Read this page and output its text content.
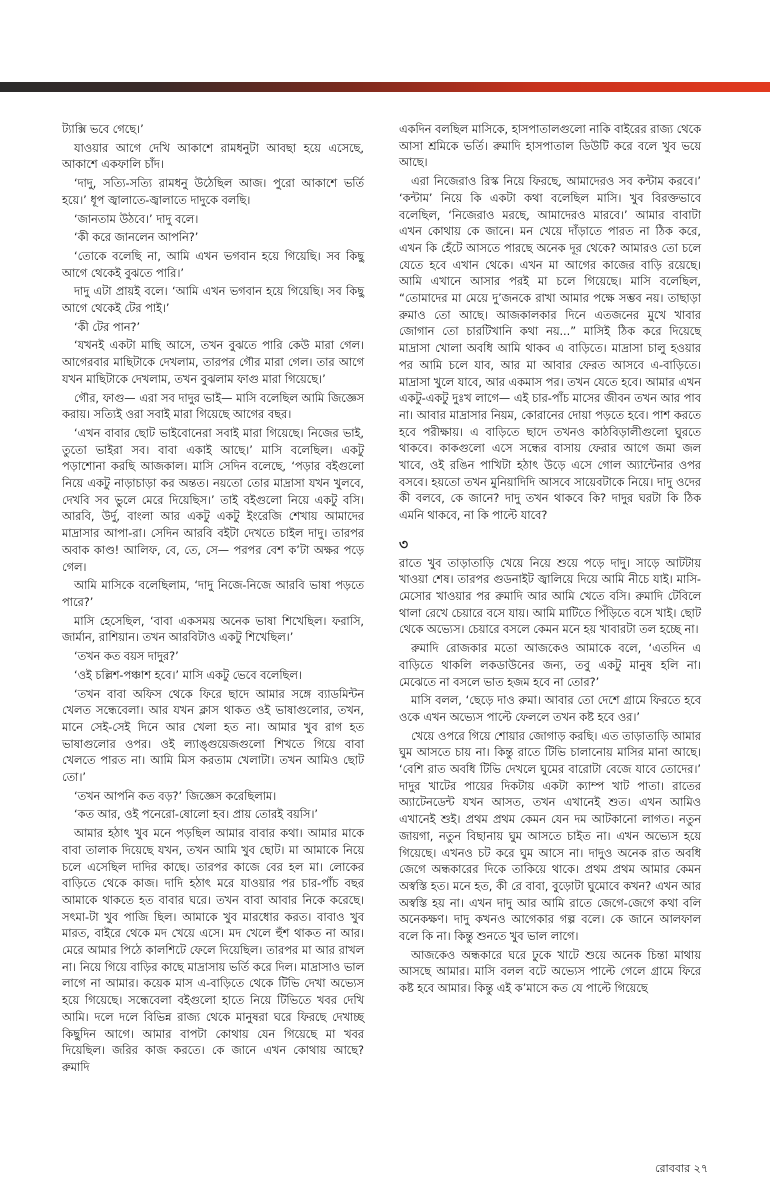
ট্যাক্সি ভবে গেছে।’

যাওয়ার আগে দেখি আকাশে রামধনুটা আবছা হয়ে এসেছে, আকাশে একফালি চাঁদ।

‘দাদু, সত্যি-সত্যি রামধনু উঠেছিল আজ। পুরো আকাশে ভর্তি হয়ে।’ ধূপ জ্বালাতে-জ্বালাতে দাদুকে বলছি।

‘জানতাম উঠবে।’ দাদু বলে।

‘কী করে জানলেন আপনি?’

‘তোকে বলেছি না, আমি এখন ভগবান হয়ে গিয়েছি। সব কিছু আগে থেকেই বুঝতে পারি।’

দাদু এটা প্রায়ই বলে। ‘আমি এখন ভগবান হয়ে গিয়েছি। সব কিছু আগে থেকেই টের পাই।’

‘কী টের পান?’

‘যখনই একটা মাছি আসে, তখন বুঝতে পারি কেউ মারা গেল। আগেরবার মাছিটাকে দেখলাম, তারপর গৌর মারা গেল। তার আগে যখন মাছিটাকে দেখলাম, তখন বুঝলাম ফাগু মারা গিয়েছে।’

গৌর, ফাগু— এরা সব দাদুর ভাই— মাসি বলেছিল আমি জিজ্ঞেস করায়। সত্যিই ওরা সবাই মারা গিয়েছে আগের বছর।

‘এখন বাবার ছোট ভাইবোনেরা সবাই মারা গিয়েছে। নিজের ভাই, তুতো ভাইরা সব। বাবা একাই আছে।’ মাসি বলেছিল। একটু পড়াশোনা করছি আজকাল। মাসি সেদিন বলেছে, ‘পড়ার বইগুলো নিয়ে একটু নাড়াচাড়া কর অন্তত। নয়তো তোর মাদ্রাসা যখন খুলবে, দেখবি সব ভুলে মেরে দিয়েছিস।’ তাই বইগুলো নিয়ে একটু বসি। আরবি, উর্দু, বাংলা আর একটু একটু ইংরেজি শেখায় আমাদের মাদ্রাসার আপা-রা। সেদিন আরবি বইটা দেখতে চাইল দাদু। তারপর অবাক কাণ্ড! আলিফ, বে, তে, সে— পরপর বেশ ক’টা অক্ষর পড়ে গেল।

আমি মাসিকে বলেছিলাম, ‘দাদু নিজে-নিজে আরবি ভাষা পড়তে পারে?’

মাসি হেসেছিল, ‘বাবা একসময় অনেক ভাষা শিখেছিল। ফরাসি, জার্মান, রাশিয়ান। তখন আরবিটাও একটু শিখেছিল।’

‘তখন কত বয়স দাদুর?’

‘ওই চল্লিশ-পঞ্চাশ হবে।’ মাসি একটু ভেবে বলেছিল।

‘তখন বাবা অফিস থেকে ফিরে ছাদে আমার সঙ্গে ব্যাডমিন্টন খেলত সন্ধেবেলা। আর যখন ক্লাস থাকত ওই ভাষাগুলোর, তখন, মানে সেই-সেই দিনে আর খেলা হত না। আমার খুব রাগ হত ভাষাগুলোর ওপর। ওই ল্যাঙ্গুয়েজগুলো শিখতে গিয়ে বাবা খেলতে পারত না। আমি মিস করতাম খেলাটা। তখন আমিও ছোট তো।’

‘তখন আপনি কত বড়?’ জিজ্ঞেস করেছিলাম।

‘কত আর, ওই পনেরো-ষোলো হব। প্রায় তোরই বয়সি।’

আমার হঠাৎ খুব মনে পড়ছিল আমার বাবার কথা। আমার মাকে বাবা তালাক দিয়েছে যখন, তখন আমি খুব ছোট। মা আমাকে নিয়ে চলে এসেছিল দাদির কাছে। তারপর কাজে বের হল মা। লোকের বাড়িতে থেকে কাজ। দাদি হঠাৎ মরে যাওয়ার পর চার-পাঁচ বছর আমাকে থাকতে হত বাবার ঘরে। তখন বাবা আবার নিকে করেছে। সৎমা-টা খুব পাজি ছিল। আমাকে খুব মারধোর করত। বাবাও খুব মারত, বাইরে থেকে মদ খেয়ে এসে। মদ খেলে হুঁশ থাকত না আর। মেরে আমার পিঠে কালশিটে ফেলে দিয়েছিল। তারপর মা আর রাখল না। নিয়ে গিয়ে বাড়ির কাছে মাদ্রাসায় ভর্তি করে দিল। মাদ্রাসাও ভাল লাগে না আমার। কয়েক মাস এ-বাড়িতে থেকে টিভি দেখা অভ্যেস হয়ে গিয়েছে। সন্ধেবেলা বইগুলো হাতে নিয়ে টিভিতে খবর দেখি আমি। দলে দলে বিভিন্ন রাজ্য থেকে মানুষরা ঘরে ফিরছে দেখাচ্ছ কিছুদিন আগে। আমার বাপটা কোথায় যেন গিয়েছে মা খবর দিয়েছিল। জরির কাজ করতে। কে জানে এখন কোথায় আছে? রুমাদি

একদিন বলছিল মাসিকে, হাসপাতালগুলো নাকি বাইরের রাজ্য থেকে আসা শ্রমিকে ভর্তি। রুমাদি হাসপাতাল ডিউটি করে বলে খুব ভয়ে আছে।

এরা নিজেরাও রিস্ক নিয়ে ফিরছে, আমাদেরও সব কন্টাম করবে।’ ‘কন্টাম’ নিয়ে কি একটা কথা বলেছিল মাসি। খুব বিরক্তভাবে বলেছিল, ‘নিজেরাও মরছে, আমাদেরও মারবে।’ আমার বাবাটা এখন কোথায় কে জানে। মন খেয়ে দাঁড়াতে পারত না ঠিক করে, এখন কি হেঁটে আসতে পারছে অনেক দূর থেকে? আমারও তো চলে যেতে হবে এখান থেকে। এখন মা আগের কাজের বাড়ি রয়েছে। আমি এখানে আসার পরই মা চলে গিয়েছে। মাসি বলেছিল, “তোমাদের মা মেয়ে দু’জনকে রাখা আমার পক্ষে সম্ভব নয়। তাছাড়া রুমাও তো আছে। আজকালকার দিনে এতজনের মুখে খাবার জোগান তো চারটিখানি কথা নয়...” মাসিই ঠিক করে দিয়েছে মাদ্রাসা খোলা অবধি আমি থাকব এ বাড়িতে। মাদ্রাসা চালু হওয়ার পর আমি চলে যাব, আর মা আবার ফেরত আসবে এ-বাড়িতে। মাদ্রাসা খুলে যাবে, আর একমাস পর। তখন যেতে হবে। আমার এখন একটু-একটু দুঃখ লাগে— এই চার-পাঁচ মাসের জীবন তখন আর পাব না। আবার মাদ্রাসার নিয়ম, কোরানের দোয়া পড়তে হবে। পাশ করতে হবে পরীক্ষায়। এ বাড়িতে ছাদে তখনও কাঠবিড়ালীগুলো ঘুরতে থাকবে। কাকগুলো এসে সন্ধের বাসায় ফেরার আগে জমা জল খাবে, ওই রঙিন পাখিটা হঠাৎ উড়ে এসে গোল অ্যান্টেনার ওপর বসবে। হয়তো তখন মুনিয়াদিদি আসবে সায়েবটাকে নিয়ে। দাদু ওদের কী বলবে, কে জানে? দাদু তখন থাকবে কি? দাদুর ঘরটা কি ঠিক এমনি থাকবে, না কি পাল্টে যাবে?

৩

রাতে খুব তাড়াতাড়ি খেয়ে নিয়ে শুয়ে পড়ে দাদু। সাড়ে আটটায় খাওয়া শেষ। তারপর গুডনাইট জ্বালিয়ে দিয়ে আমি নীচে যাই। মাসি-মেসোর খাওয়ার পর রুমাদি আর আমি খেতে বসি। রুমাদি টেবিলে থালা রেখে চেয়ারে বসে যায়। আমি মাটিতে পিঁড়িতে বসে খাই। ছোট থেকে অভ্যেস। চেয়ারে বসলে কেমন মনে হয় খাবারটা তল হচ্ছে না।

রুমাদি রোজকার মতো আজকেও আমাকে বলে, ‘এতদিন এ বাড়িতে থাকলি লকডাউনের জন্য, তবু একটু মানুষ হলি না। মেঝেতে না বসলে ভাত হজম হবে না তোর?’

মাসি বলল, ‘ছেড়ে দাও রুমা। আবার তো দেশে গ্রামে ফিরতে হবে ওকে এখন অভ্যেস পাল্টে ফেললে তখন কষ্ট হবে ওর।’

খেয়ে ওপরে গিয়ে শোয়ার জোগাড় করছি। এত তাড়াতাড়ি আমার ঘুম আসতে চায় না। কিন্তু রাতে টিভি চালানোয় মাসির মানা আছে। ‘বেশি রাত অবধি টিভি দেখলে ঘুমের বারোটা বেজে যাবে তোদের।’ দাদুর খাটের পায়ের দিকটায় একটা ক্যাম্প খাট পাতা। রাতের অ্যাটেনডেন্ট যখন আসত, তখন এখানেই শুত। এখন আমিও এখানেই শুই। প্রথম প্রথম কেমন যেন দম আটকানো লাগত। নতুন জায়গা, নতুন বিছানায় ঘুম আসতে চাইত না। এখন অভ্যেস হয়ে গিয়েছে। এখনও চট করে ঘুম আসে না। দাদুও অনেক রাত অবধি জেগে অন্ধকারের দিকে তাকিয়ে থাকে। প্রথম প্রথম আমার কেমন অস্বস্তি হত। মনে হত, কী রে বাবা, বুড়োটা ঘুমোবে কখন? এখন আর অস্বস্তি হয় না। এখন দাদু আর আমি রাতে জেগে-জেগে কথা বলি অনেকক্ষণ। দাদু কখনও আগেকার গল্প বলে। কে জানে আলফাল বলে কি না। কিন্তু শুনতে খুব ভাল লাগে।

আজকেও অন্ধকারে ঘরে ঢুকে খাটে শুয়ে অনেক চিন্তা মাথায় আসছে আমার। মাসি বলল বটে অভ্যেস পাল্টে গেলে গ্রামে ফিরে কষ্ট হবে আমার। কিন্তু এই ক’মাসে কত যে পাল্টে গিয়েছে

রোববার ২৭
